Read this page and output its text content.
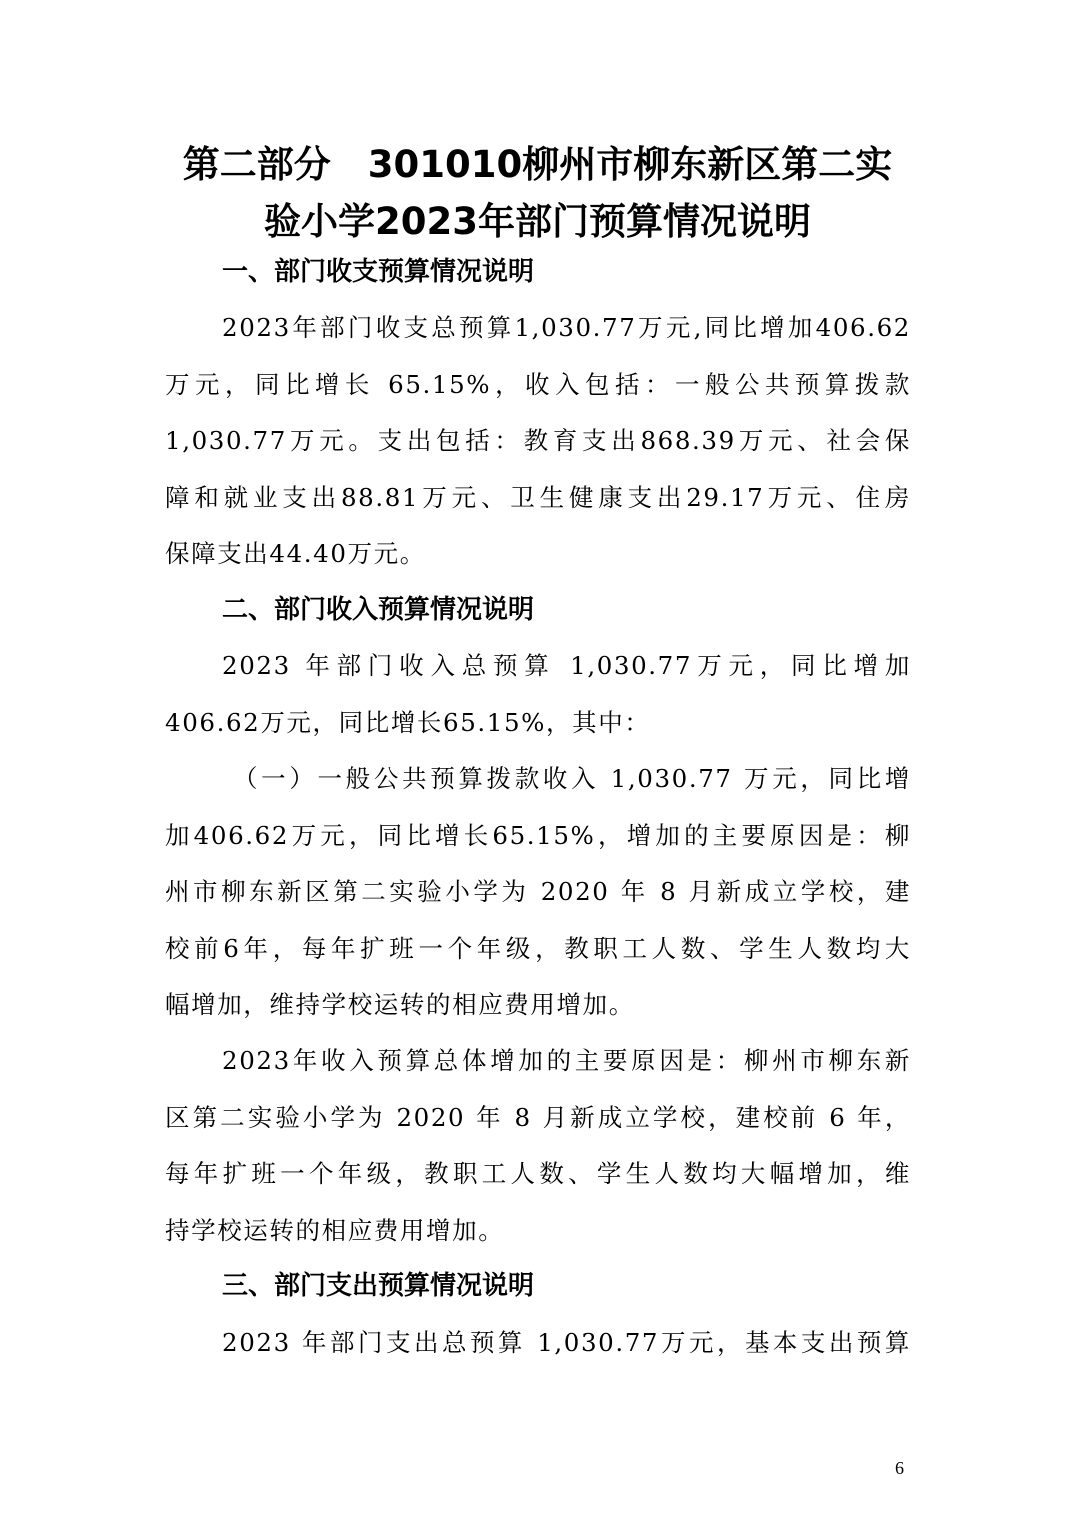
第二部分　301010柳州市柳东新区第二实
验小学2023年部门预算情况说明
一、部门收支预算情况说明
2023年部门收支总预算1,030.77万元,同比增加406.62
万元，同比增长 65.15%，收入包括：一般公共预算拨款
1,030.77万元。支出包括：教育支出868.39万元、社会保
障和就业支出88.81万元、卫生健康支出29.17万元、住房
保障支出44.40万元。
二、部门收入预算情况说明
2023 年部门收入总预算 1,030.77万元，同比增加
406.62万元，同比增长65.15%，其中：
（一）一般公共预算拨款收入 1,030.77 万元，同比增
加406.62万元，同比增长65.15%，增加的主要原因是：柳
州市柳东新区第二实验小学为 2020 年 8 月新成立学校，建
校前6年，每年扩班一个年级，教职工人数、学生人数均大
幅增加，维持学校运转的相应费用增加。
2023年收入预算总体增加的主要原因是：柳州市柳东新
区第二实验小学为 2020 年 8 月新成立学校，建校前 6 年，
每年扩班一个年级，教职工人数、学生人数均大幅增加，维
持学校运转的相应费用增加。
三、部门支出预算情况说明
2023 年部门支出总预算 1,030.77万元，基本支出预算
6
